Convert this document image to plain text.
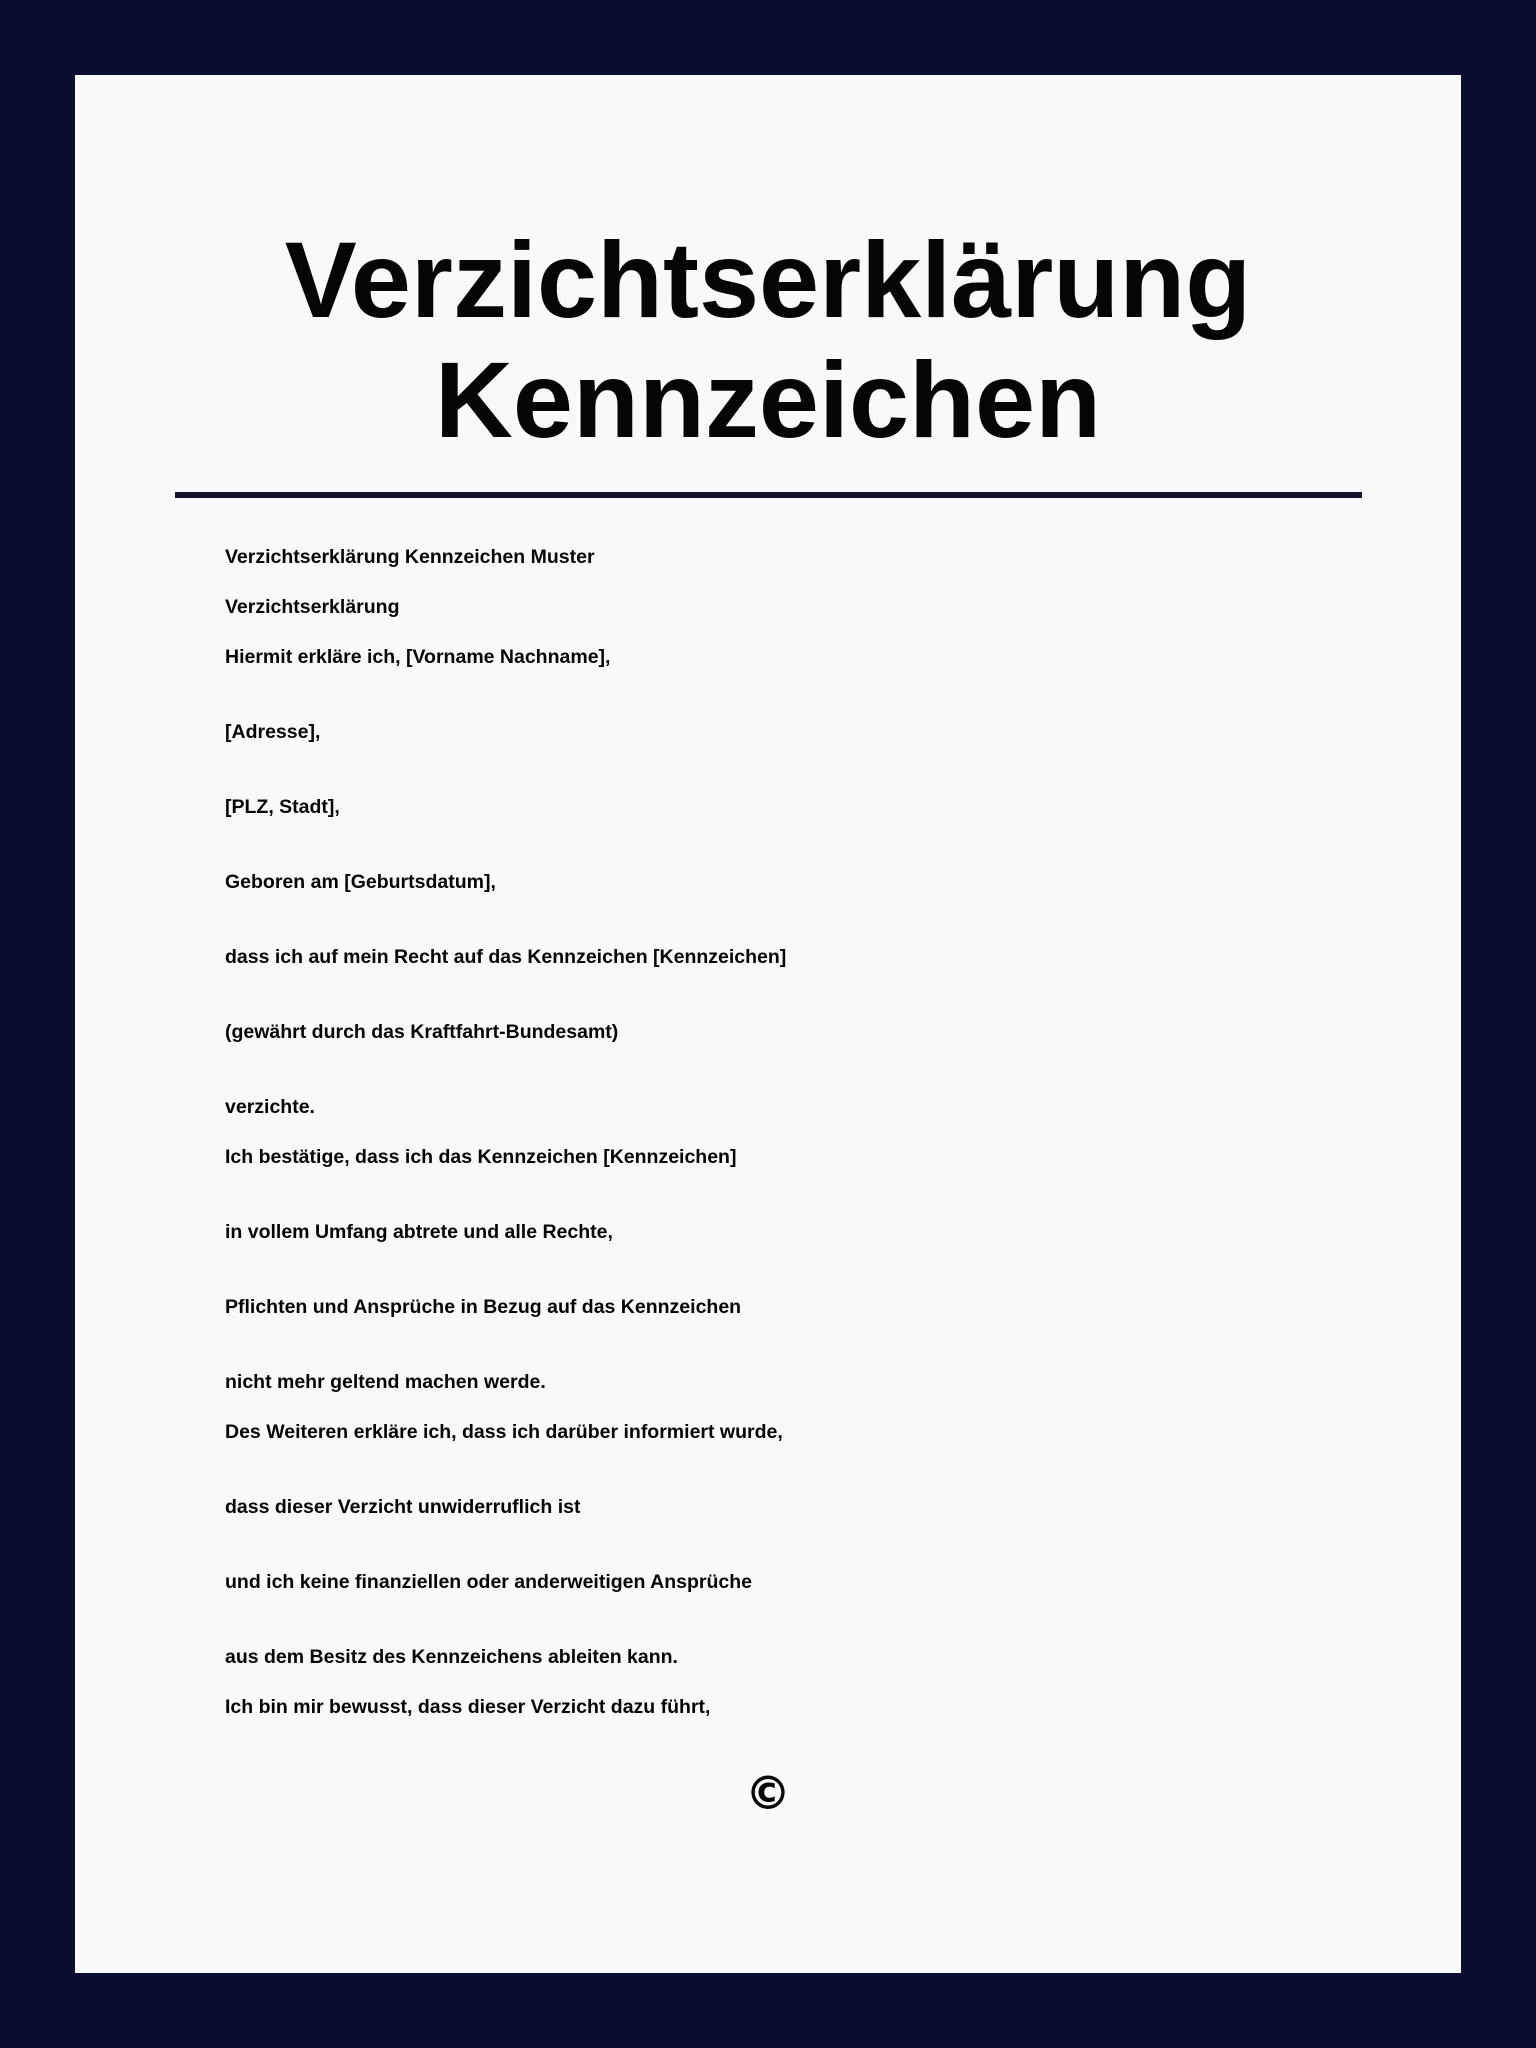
Verzichtserklärung
Kennzeichen

Verzichtserklärung Kennzeichen Muster

Verzichtserklärung

Hiermit erkläre ich, [Vorname Nachname],

[Adresse],

[PLZ, Stadt],

Geboren am [Geburtsdatum],

dass ich auf mein Recht auf das Kennzeichen [Kennzeichen]

(gewährt durch das Kraftfahrt-Bundesamt)

verzichte.

Ich bestätige, dass ich das Kennzeichen [Kennzeichen]

in vollem Umfang abtrete und alle Rechte,

Pflichten und Ansprüche in Bezug auf das Kennzeichen

nicht mehr geltend machen werde.

Des Weiteren erkläre ich, dass ich darüber informiert wurde,

dass dieser Verzicht unwiderruflich ist

und ich keine finanziellen oder anderweitigen Ansprüche

aus dem Besitz des Kennzeichens ableiten kann.

Ich bin mir bewusst, dass dieser Verzicht dazu führt,

©
